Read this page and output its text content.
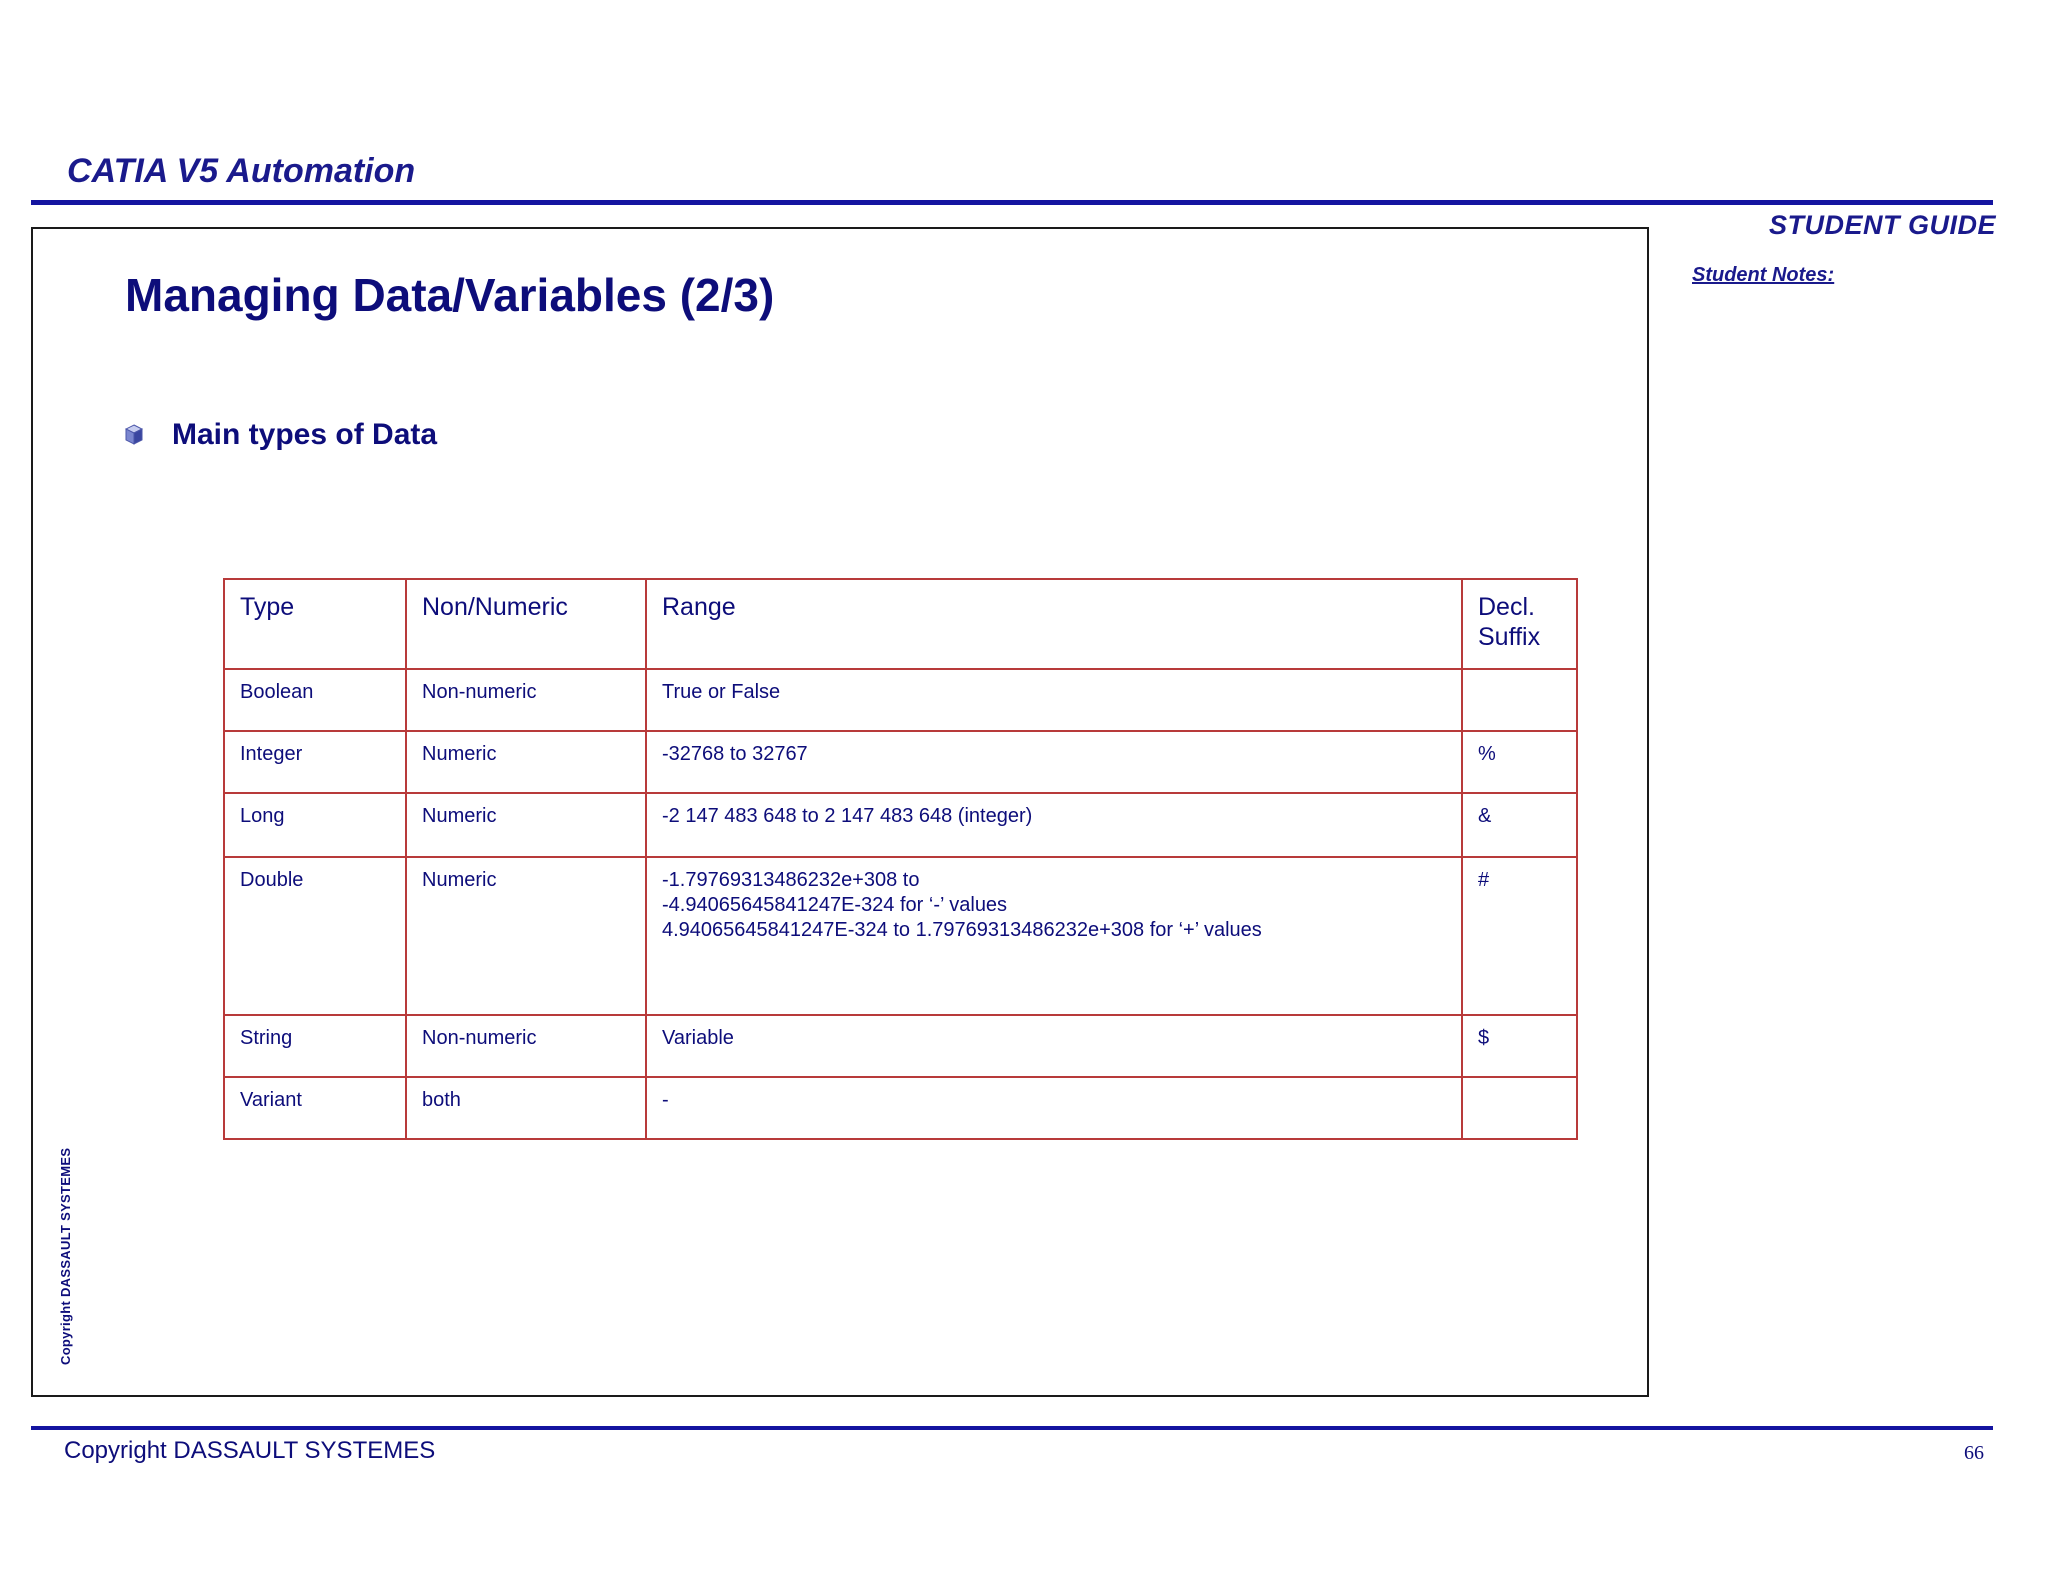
CATIA V5 Automation
STUDENT GUIDE
Student Notes:
Managing Data/Variables (2/3)
Main types of Data
Type	Non/Numeric	Range	Decl.
Suffix

Boolean	Non-numeric	True or False	

Integer	Numeric	-32768 to 32767	%
Long	Numeric	-2 147 483 648 to 2 147 483 648 (integer)	&
Double	Numeric	-1.79769313486232e+308 to
-4.94065645841247E-324 for ‘-’ values
4.94065645841247E-324 to 1.79769313486232e+308 for ‘+’ values	#
String	Non-numeric	Variable	$
Variant	both	-	

Copyright DASSAULT SYSTEMES
Copyright DASSAULT SYSTEMES	66
